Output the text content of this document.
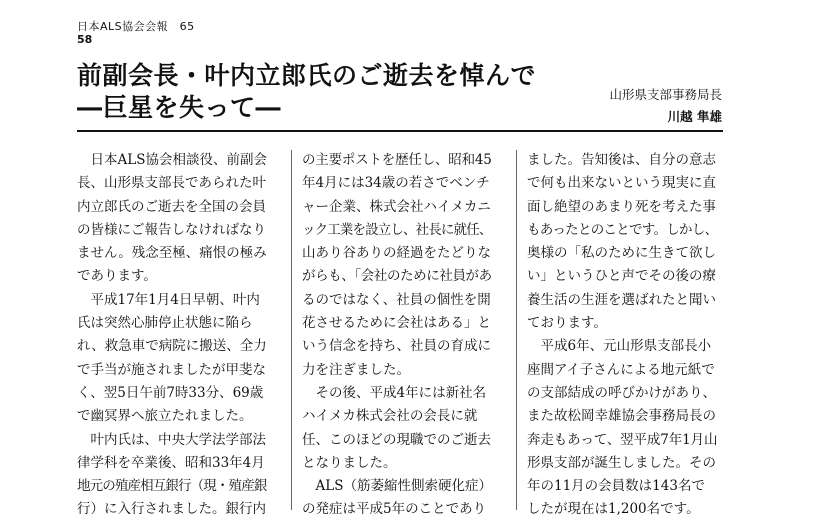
日本ALS協会会報　65
58
前副会長・叶内立郎氏のご逝去を悼んで
―巨星を失って―	山形県支部事務局長
川越 隼雄

　日本ALS協会相談役、前副会

長、山形県支部長であられた叶

内立郎氏のご逝去を全国の会員

の皆様にご報告しなければなり

ません。残念至極、痛恨の極み

であります。

　平成17年1月4日早朝、叶内

氏は突然心肺停止状態に陥ら

れ、救急車で病院に搬送、全力

で手当が施されましたが甲斐な

く、翌5日午前7時33分、69歳

で幽冥界へ旅立たれました。

　叶内氏は、中央大学法学部法

律学科を卒業後、昭和33年4月

地元の殖産相互銀行（現・殖産銀

行）に入行されました。銀行内

の主要ポストを歴任し、昭和45

年4月には34歳の若さでベンチ

ャー企業、株式会社ハイメカニ

ック工業を設立し、社長に就任、

山あり谷ありの経過をたどりな

がらも、「会社のために社員があ

るのではなく、社員の個性を開

花させるために会社はある」と

いう信念を持ち、社員の育成に

力を注ぎました。

　その後、平成4年には新社名

ハイメカ株式会社の会長に就

任、このほどの現職でのご逝去

となりました。

　ALS（筋萎縮性側索硬化症）

の発症は平成5年のことであり

ました。告知後は、自分の意志

で何も出来ないという現実に直

面し絶望のあまり死を考えた事

もあったとのことです。しかし、

奥様の「私のために生きて欲し

い」というひと声でその後の療

養生活の生涯を選ばれたと聞い

ております。

　平成6年、元山形県支部長小

座間アイ子さんによる地元紙で

の支部結成の呼びかけがあり、

また故松岡幸雄協会事務局長の

奔走もあって、翌平成7年1月山

形県支部が誕生しました。その

年の11月の会員数は143名で

したが現在は1,200名です。
